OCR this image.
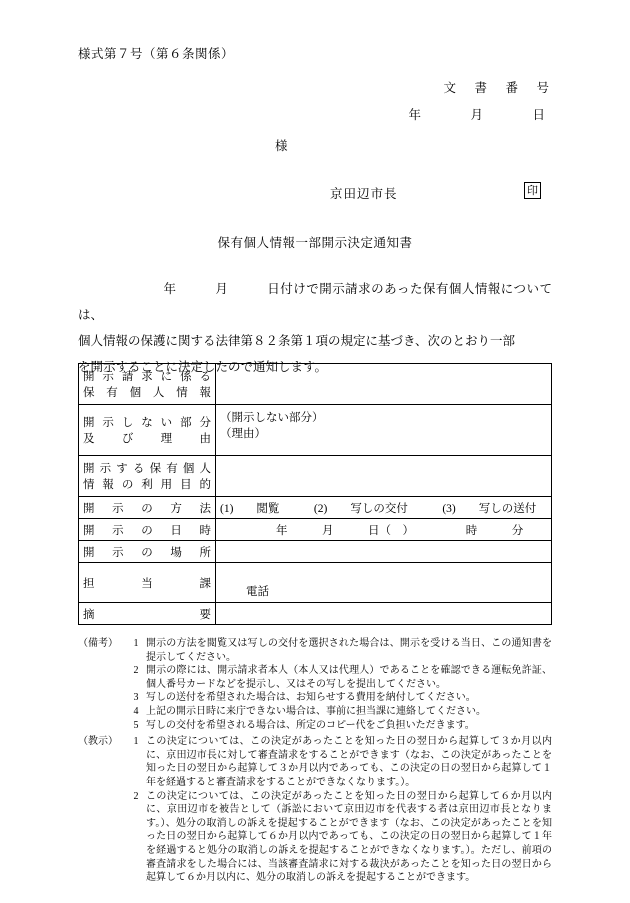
様式第７号（第６条関係）
文　書　番　号
年　　　月　　　日
様
京田辺市長	印
保有個人情報一部開示決定通知書
年　　　月　　　日付けで開示請求のあった保有個人情報については、
個人情報の保護に関する法律第８２条第１項の規定に基づき、次のとおり一部
を開示することに決定したので通知します。
開 示 請 求 に 係 る
保 有 個 人 情 報	

開 示 し な い 部 分
及　　び　　理　　由

（開示しない部分）
（理由）

開示する保有個人
情 報 の 利 用 目 的	

開　示　の　方　法	(1)　　閲覧　　　(2)　　写しの交付　　　(3)　　写しの送付
開　示　の　日　時	年　　　月　　　日（　）　　　　　時　　　分
開　示　の　場　所	
担　　　当　　　課	電話
摘　　　　　　　要	
（備考）	1 開示の方法を閲覧又は写しの交付を選択された場合は、開示を受ける当日、この通知書を提示してください。
2 開示の際には、開示請求者本人（本人又は代理人）であることを確認できる運転免許証、個人番号カードなどを提示し、又はその写しを提出してください。
3 写しの送付を希望された場合は、お知らせする費用を納付してください。
4 上記の開示日時に来庁できない場合は、事前に担当課に連絡してください。
5 写しの交付を希望される場合は、所定のコピー代をご負担いただきます。
（教示）	1 この決定については、この決定があったことを知った日の翌日から起算して３か月以内に、京田辺市長に対して審査請求をすることができます（なお、この決定があったことを知った日の翌日から起算して３か月以内であっても、この決定の日の翌日から起算して１年を経過すると審査請求をすることができなくなります。）。
2 この決定については、この決定があったことを知った日の翌日から起算して６か月以内に、京田辺市を被告として（訴訟において京田辺市を代表する者は京田辺市長となります。）、処分の取消しの訴えを提起することができます（なお、この決定があったことを知った日の翌日から起算して６か月以内であっても、この決定の日の翌日から起算して１年を経過すると処分の取消しの訴えを提起することができなくなります。）。ただし、前項の審査請求をした場合には、当該審査請求に対する裁決があったことを知った日の翌日から起算して６か月以内に、処分の取消しの訴えを提起することができます。
